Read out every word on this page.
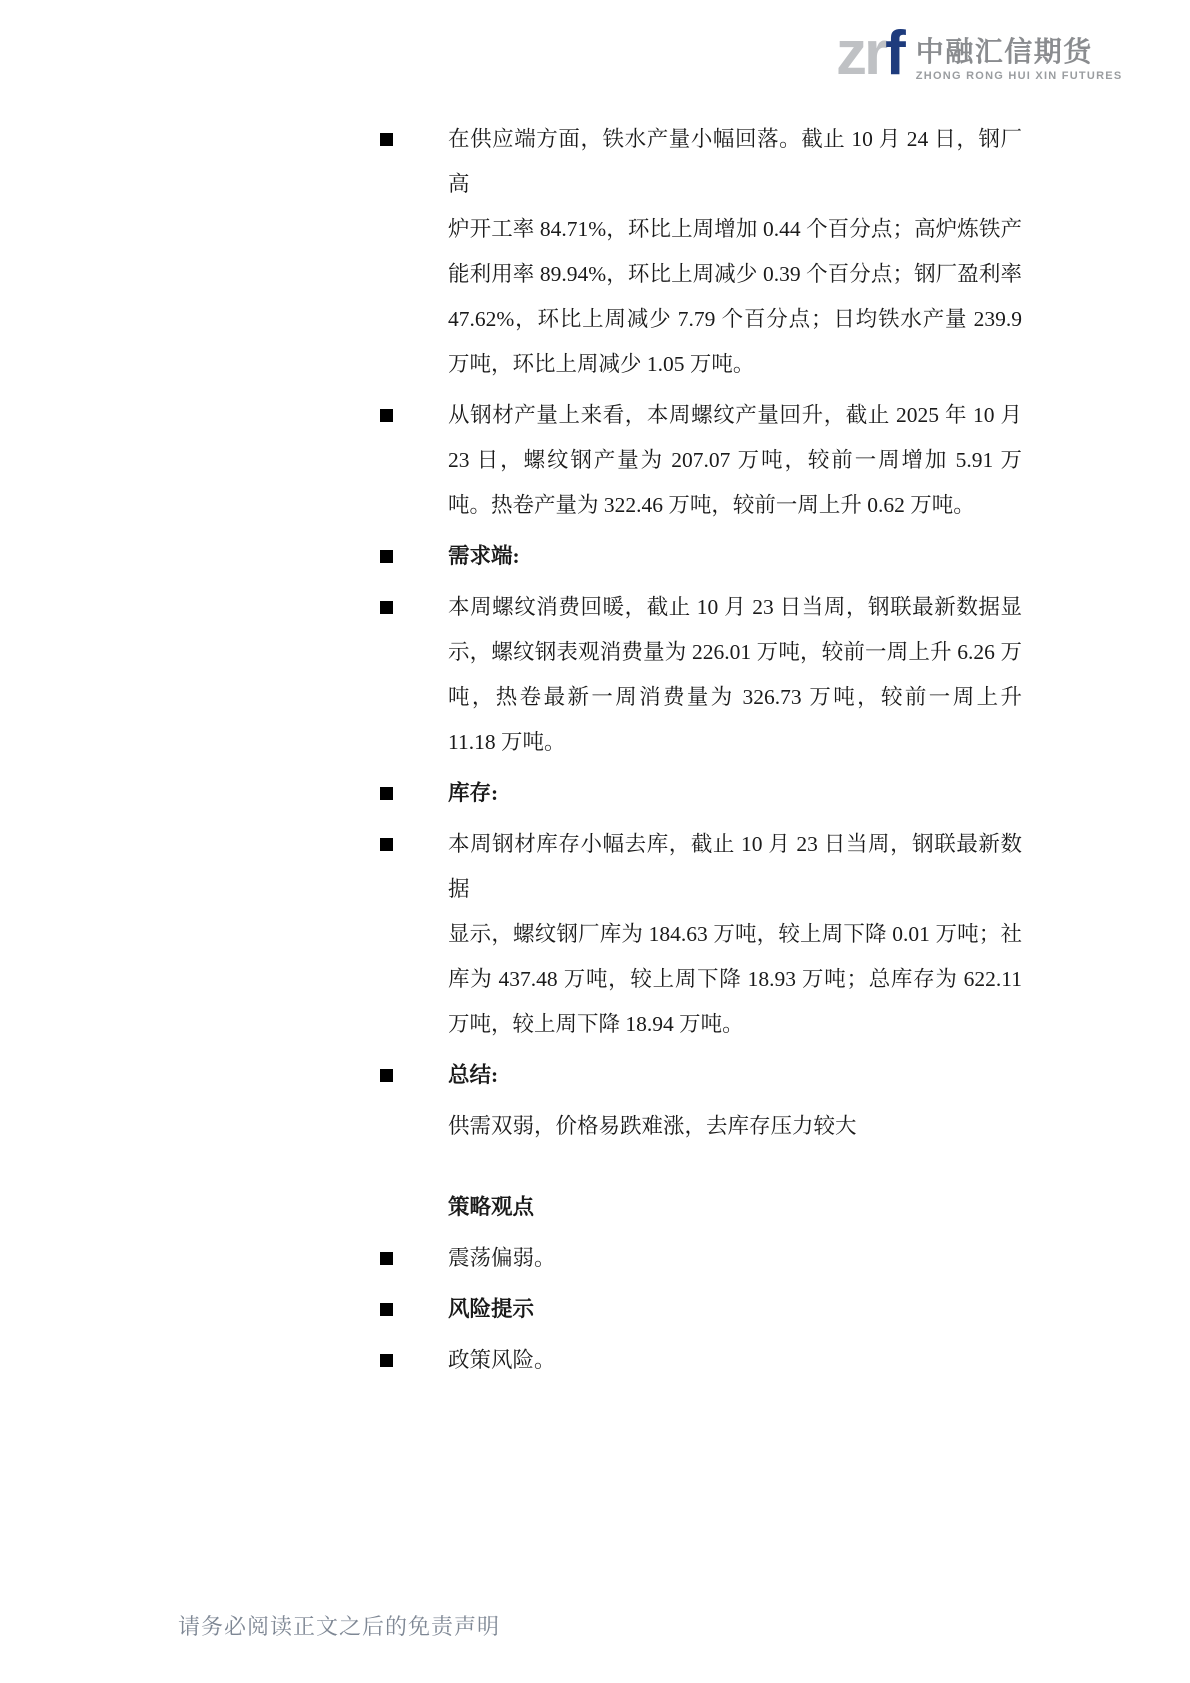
zrf 中融汇信期货
ZHONG RONG HUI XIN FUTURES
在供应端方面，铁水产量小幅回落。截止 10 月 24 日，钢厂高
炉开工率 84.71%，环比上周增加 0.44 个百分点；高炉炼铁产
能利用率 89.94%，环比上周减少 0.39 个百分点；钢厂盈利率
47.62%，环比上周减少 7.79 个百分点；日均铁水产量 239.9
万吨，环比上周减少 1.05 万吨。
从钢材产量上来看，本周螺纹产量回升，截止 2025 年 10 月
23 日，螺纹钢产量为 207.07 万吨，较前一周增加 5.91 万
吨。热卷产量为 322.46 万吨，较前一周上升 0.62 万吨。
需求端:
本周螺纹消费回暖，截止 10 月 23 日当周，钢联最新数据显
示，螺纹钢表观消费量为 226.01 万吨，较前一周上升 6.26 万
吨，热卷最新一周消费量为 326.73 万吨，较前一周上升
11.18 万吨。
库存:
本周钢材库存小幅去库，截止 10 月 23 日当周，钢联最新数据
显示，螺纹钢厂库为 184.63 万吨，较上周下降 0.01 万吨；社
库为 437.48 万吨，较上周下降 18.93 万吨；总库存为 622.11
万吨，较上周下降 18.94 万吨。
总结:
供需双弱，价格易跌难涨，去库存压力较大
策略观点
震荡偏弱。
风险提示
政策风险。
请务必阅读正文之后的免责声明
